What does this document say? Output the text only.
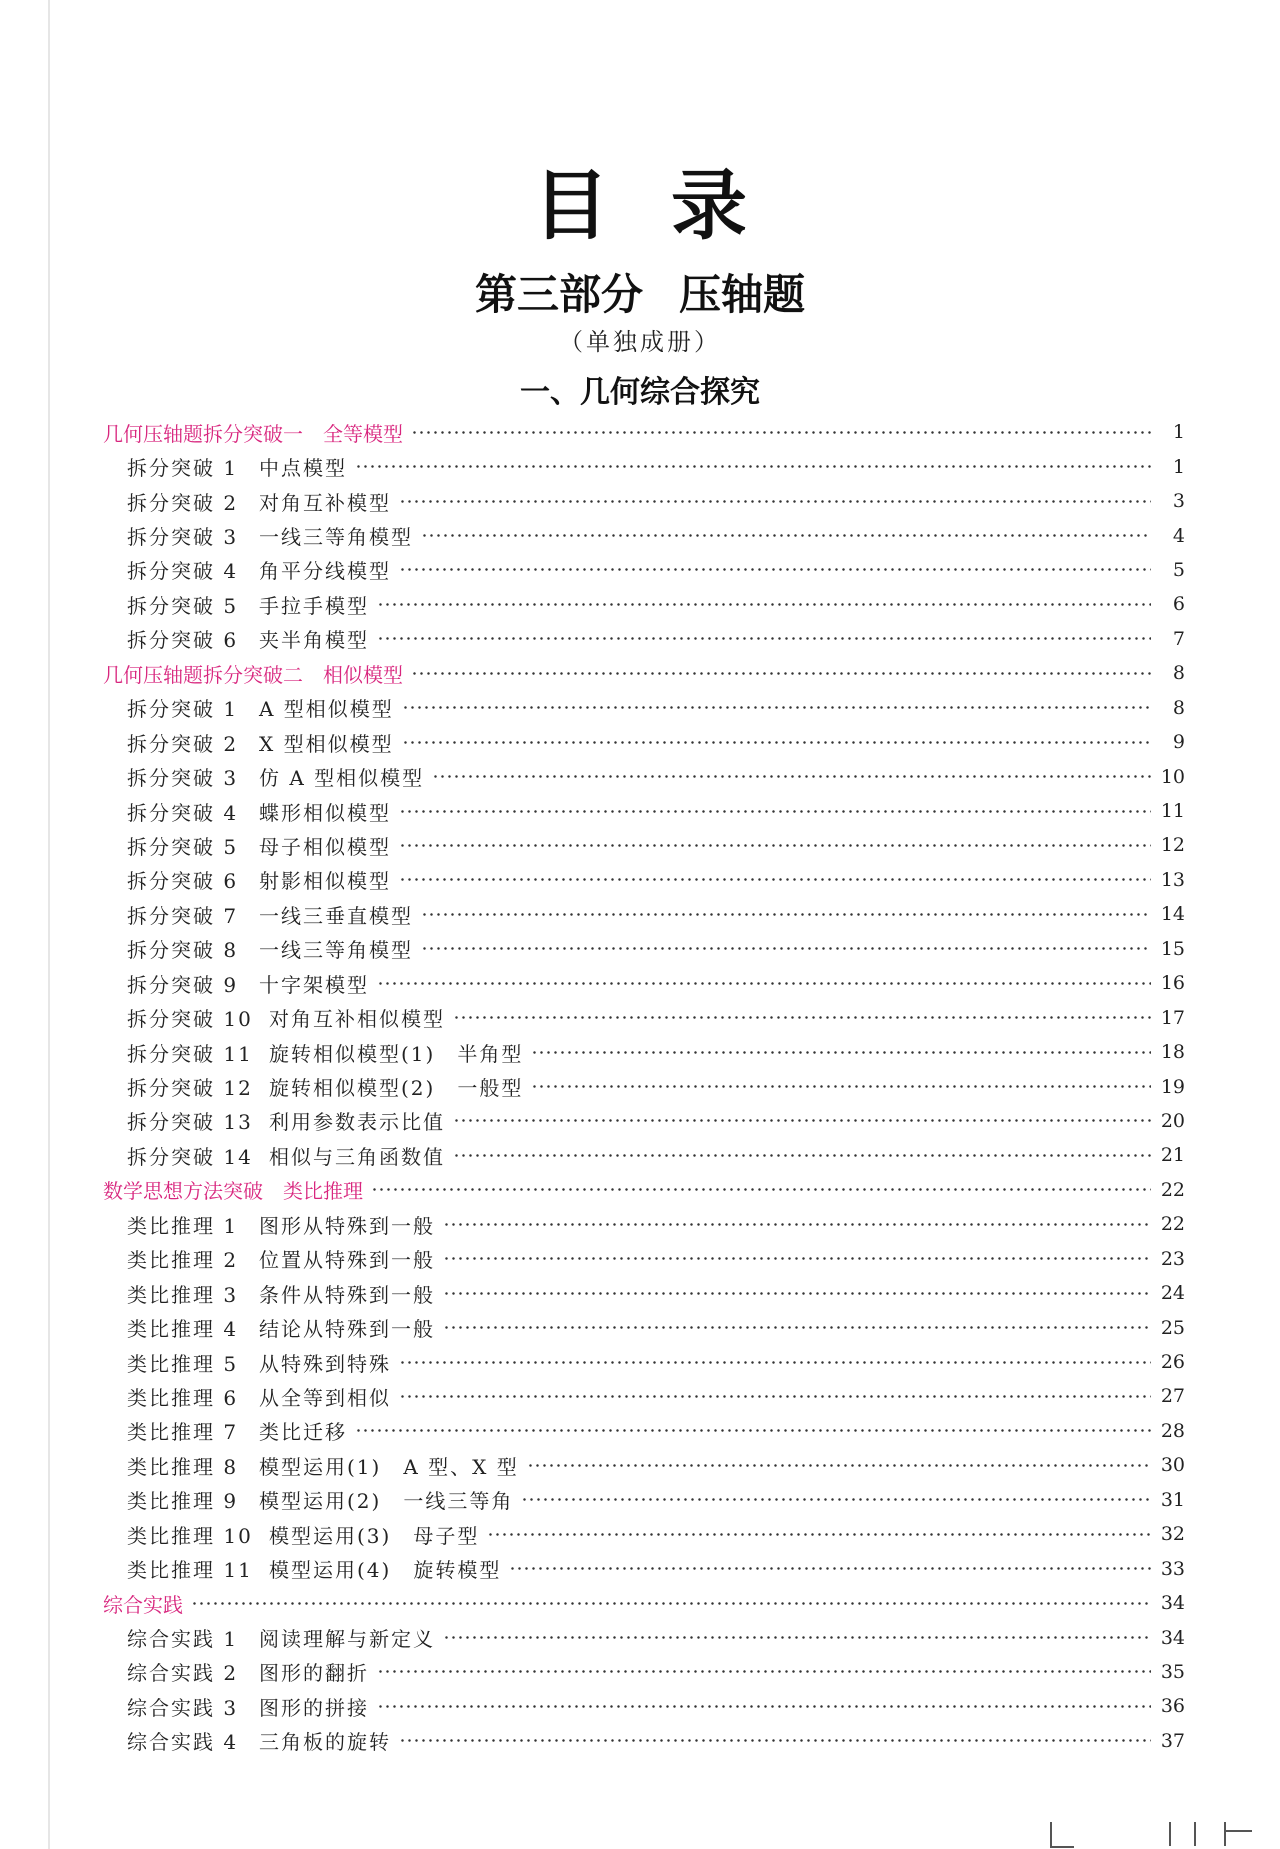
目录
第三部分 压轴题
（单独成册）
一、几何综合探究
几何压轴题拆分突破一　全等模型	1
拆分突破 1 中点模型	1
拆分突破 2 对角互补模型	3
拆分突破 3 一线三等角模型	4
拆分突破 4 角平分线模型	5
拆分突破 5 手拉手模型	6
拆分突破 6 夹半角模型	7
几何压轴题拆分突破二　相似模型	8
拆分突破 1 A 型相似模型	8
拆分突破 2 X 型相似模型	9
拆分突破 3 仿 A 型相似模型	10
拆分突破 4 蝶形相似模型	11
拆分突破 5 母子相似模型	12
拆分突破 6 射影相似模型	13
拆分突破 7 一线三垂直模型	14
拆分突破 8 一线三等角模型	15
拆分突破 9 十字架模型	16
拆分突破 10 对角互补相似模型	17
拆分突破 11 旋转相似模型(1)　半角型	18
拆分突破 12 旋转相似模型(2)　一般型	19
拆分突破 13 利用参数表示比值	20
拆分突破 14 相似与三角函数值	21
数学思想方法突破　类比推理	22
类比推理 1 图形从特殊到一般	22
类比推理 2 位置从特殊到一般	23
类比推理 3 条件从特殊到一般	24
类比推理 4 结论从特殊到一般	25
类比推理 5 从特殊到特殊	26
类比推理 6 从全等到相似	27
类比推理 7 类比迁移	28
类比推理 8 模型运用(1)　A 型、X 型	30
类比推理 9 模型运用(2)　一线三等角	31
类比推理 10 模型运用(3)　母子型	32
类比推理 11 模型运用(4)　旋转模型	33
综合实践	34
综合实践 1 阅读理解与新定义	34
综合实践 2 图形的翻折	35
综合实践 3 图形的拼接	36
综合实践 4 三角板的旋转	37
